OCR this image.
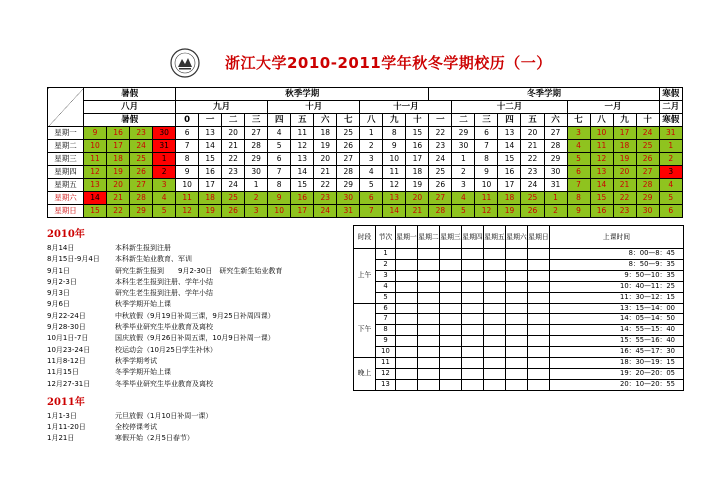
浙江大学2010-2011学年秋冬学期校历（一）
	暑假				秋季学期											冬季学期										寒假
	八月				九月				十月				十一月				十二月					一月				二月
	暑假				0	一	二	三	四	五	六	七	八	九	十	一	二	三	四	五	六	七	八	九	十	寒假
星期一	9	16	23	30	6	13	20	27	4	11	18	25	1	8	15	22	29	6	13	20	27	3	10	17	24	31
星期二	10	17	24	31	7	14	21	28	5	12	19	26	2	9	16	23	30	7	14	21	28	4	11	18	25	1
星期三	11	18	25	1	8	15	22	29	6	13	20	27	3	10	17	24	1	8	15	22	29	5	12	19	26	2
星期四	12	19	26	2	9	16	23	30	7	14	21	28	4	11	18	25	2	9	16	23	30	6	13	20	27	3
星期五	13	20	27	3	10	17	24	1	8	15	22	29	5	12	19	26	3	10	17	24	31	7	14	21	28	4
星期六	14	21	28	4	11	18	25	2	9	16	23	30	6	13	20	27	4	11	18	25	1	8	15	22	29	5
星期日	15	22	29	5	12	19	26	3	10	17	24	31	7	14	21	28	5	12	19	26	2	9	16	23	30	6
2010年
8月14日	本科新生报到注册
8月15日-9月4日	本科新生始业教育、军训
9月1日	研究生新生报到　　9月2-30日　研究生新生始业教育
9月2-3日	本科生老生报到注册、学年小结
9月3日	研究生老生报到注册、学年小结
9月6日	秋季学期开始上课
9月22-24日	中秋放假（9月19日补周三课，9月25日补周四课）
9月28-30日	秋季毕业研究生毕业教育及离校
10月1日-7日	国庆放假（9月26日补周五课，10月9日补周一课）
10月23-24日	校运动会（10月25日学生补休）
11月8-12日	秋季学期考试
11月15日	冬季学期开始上课
12月27-31日	冬季毕业研究生毕业教育及离校
2011年
1月1-3日	元旦放假（1月10日补周一课）
1月11-20日	全校停课考试
1月21日	寒假开始（2月5日春节）
时段	节次	星期一	星期二	星期三	星期四	星期五	星期六	星期日	上课时间
上午	1								8：00—8：45
	2								8：50—9：35
	3								9：50—10：35
	4								10：40—11：25
	5								11：30—12：15
下午	6								13：15—14：00
	7								14：05—14：50
	8								14：55—15：40
	9								15：55—16：40
	10								16：45—17：30
晚上	11								18：30—19：15
	12								19：20—20：05
	13								20：10—20：55
